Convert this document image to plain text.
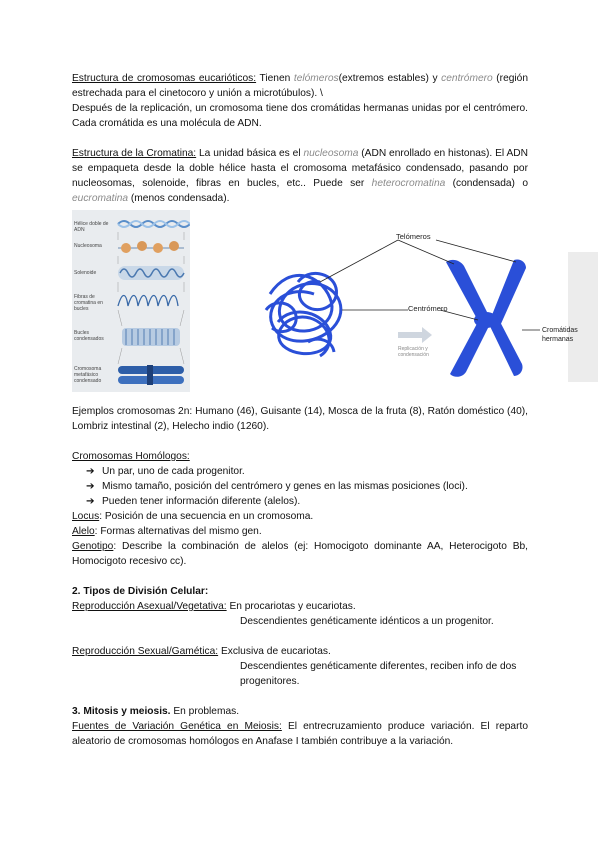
Estructura de cromosomas eucarióticos: Tienen telómeros(extremos estables) y centrómero (región estrechada para el cinetocoro y unión a microtúbulos). \

Después de la replicación, un cromosoma tiene dos cromátidas hermanas unidas por el centrómero. Cada cromátida es una molécula de ADN.

Estructura de la Cromatina: La unidad básica es el nucleosoma (ADN enrollado en histonas). El ADN se empaqueta desde la doble hélice hasta el cromosoma metafásico condensado, pasando por nucleosomas, solenoide, fibras en bucles, etc.. Puede ser heterocromatina (condensada) o eucromatina (menos condensada).

Hélice doble de ADN
Nucleosoma
Solenoide
Fibras de cromatina en bucles
Bucles condensados
Cromosoma metafásico condensado
Telómeros
Centrómero
Cromátidas
hermanas
Replicación y
condensación

Ejemplos cromosomas 2n: Humano (46), Guisante (14), Mosca de la fruta (8), Ratón doméstico (40), Lombriz intestinal (2), Helecho indio (1260).

Cromosomas Homólogos:

➔ Un par, uno de cada progenitor.
➔ Mismo tamaño, posición del centrómero y genes en las mismas posiciones (loci).
➔ Pueden tener información diferente (alelos).

Locus: Posición de una secuencia en un cromosoma.

Alelo: Formas alternativas del mismo gen.

Genotipo: Describe la combinación de alelos (ej: Homocigoto dominante AA, Heterocigoto Bb, Homocigoto recesivo cc).

2. Tipos de División Celular:

Reproducción Asexual/Vegetativa: En procariotas y eucariotas.

Descendientes genéticamente idénticos a un progenitor.

Reproducción Sexual/Gamética: Exclusiva de eucariotas.

Descendientes genéticamente diferentes, reciben info de dos progenitores.

3. Mitosis y meiosis. En problemas.

Fuentes de Variación Genética en Meiosis: El entrecruzamiento produce variación. El reparto aleatorio de cromosomas homólogos en Anafase I también contribuye a la variación.
